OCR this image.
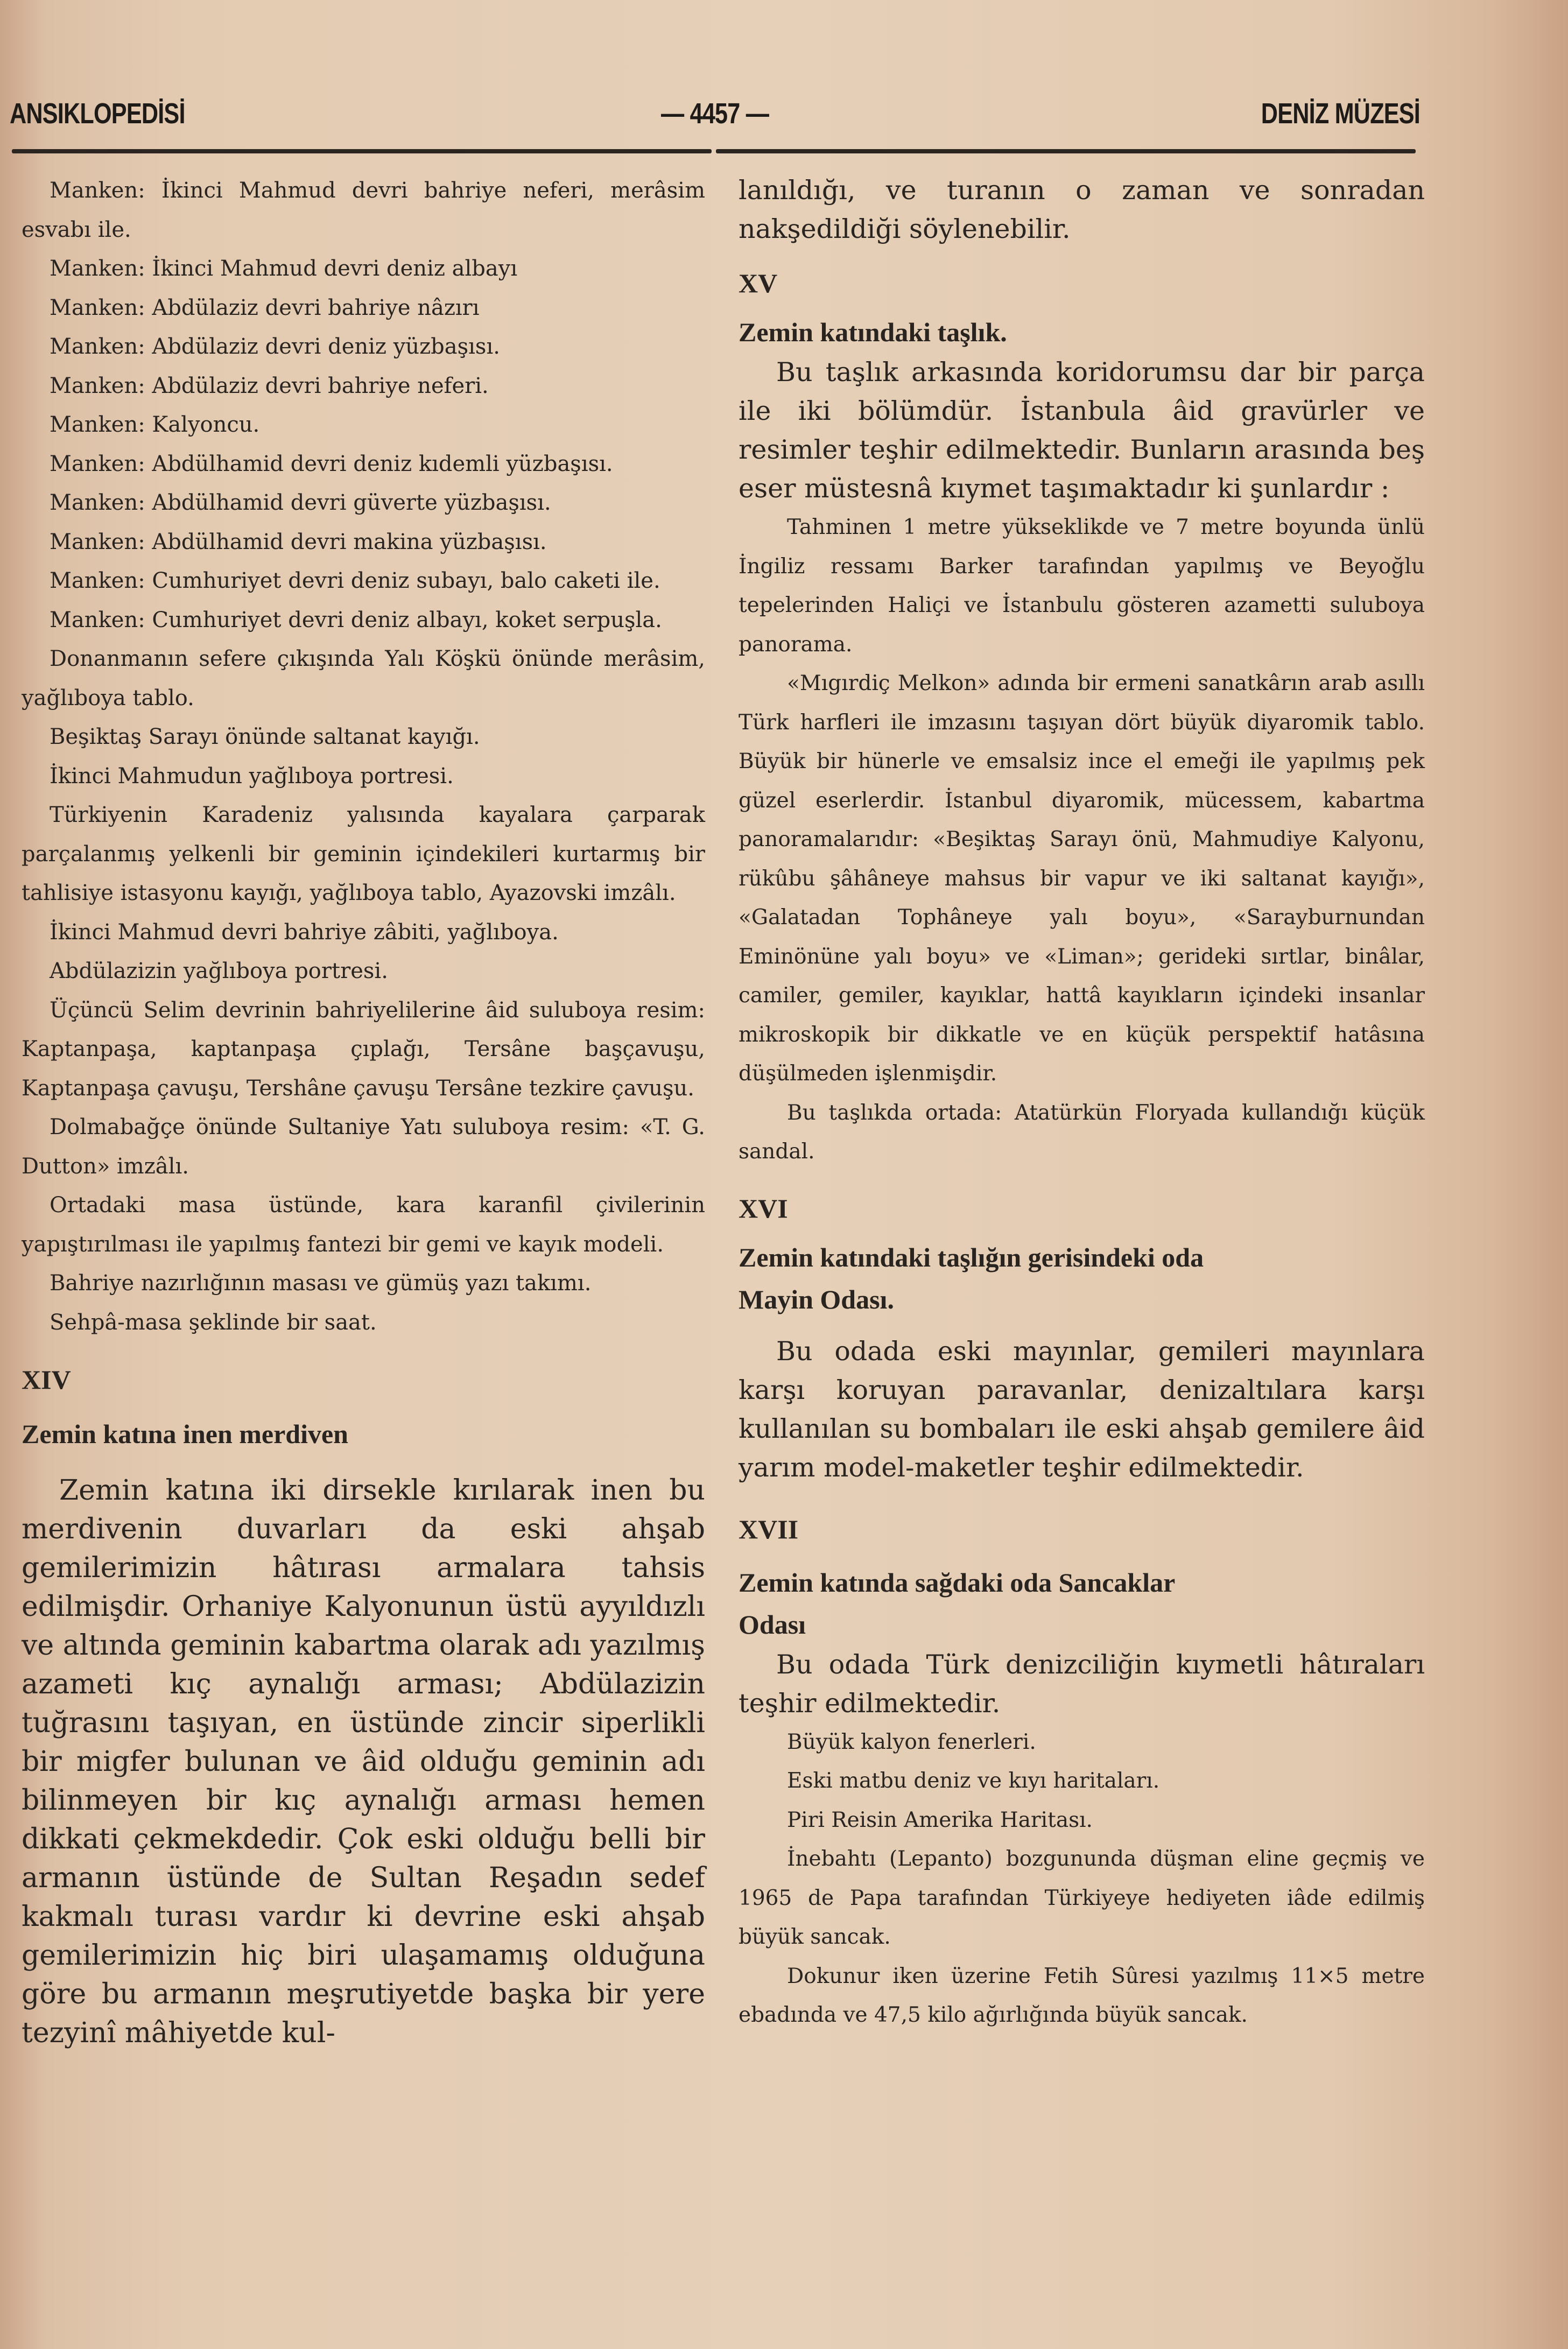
ANSIKLOPEDİSİ	— 4457 —	DENİZ MÜZESİ

Manken: İkinci Mahmud devri bahriye neferi, merâsim esvabı ile.

Manken: İkinci Mahmud devri deniz albayı

Manken: Abdülaziz devri bahriye nâzırı

Manken: Abdülaziz devri deniz yüzbaşısı.

Manken: Abdülaziz devri bahriye neferi.

Manken: Kalyoncu.

Manken: Abdülhamid devri deniz kıdemli yüzbaşısı.

Manken: Abdülhamid devri güverte yüzbaşısı.

Manken: Abdülhamid devri makina yüzbaşısı.

Manken: Cumhuriyet devri deniz subayı, balo caketi ile.

Manken: Cumhuriyet devri deniz albayı, koket serpuşla.

Donanmanın sefere çıkışında Yalı Köşkü önünde merâsim, yağlıboya tablo.

Beşiktaş Sarayı önünde saltanat kayığı.

İkinci Mahmudun yağlıboya portresi.

Türkiyenin Karadeniz yalısında kayalara çarparak parçalanmış yelkenli bir geminin içindekileri kurtarmış bir tahlisiye istasyonu kayığı, yağlıboya tablo, Ayazovski imzâlı.

İkinci Mahmud devri bahriye zâbiti, yağlıboya.

Abdülazizin yağlıboya portresi.

Üçüncü Selim devrinin bahriyelilerine âid suluboya resim: Kaptanpaşa, kaptanpaşa çıplağı, Tersâne başçavuşu, Kaptanpaşa çavuşu, Tershâne çavuşu Tersâne tezkire çavuşu.

Dolmabağçe önünde Sultaniye Yatı suluboya resim: «T. G. Dutton» imzâlı.

Ortadaki masa üstünde, kara karanfil çivilerinin yapıştırılması ile yapılmış fantezi bir gemi ve kayık modeli.

Bahriye nazırlığının masası ve gümüş yazı takımı.

Sehpâ-masa şeklinde bir saat.

XIV

Zemin katına inen merdiven

Zemin katına iki dirsekle kırılarak inen bu merdivenin duvarları da eski ahşab gemilerimizin hâtırası armalara tahsis edilmişdir. Orhaniye Kalyonunun üstü ayyıldızlı ve altında geminin kabartma olarak adı yazılmış azameti kıç aynalığı arması; Abdülazizin tuğrasını taşıyan, en üstünde zincir siperlikli bir migfer bulunan ve âid olduğu geminin adı bilinmeyen bir kıç aynalığı arması hemen dikkati çekmekdedir. Çok eski olduğu belli bir armanın üstünde de Sultan Reşadın sedef kakmalı turası vardır ki devrine eski ahşab gemilerimizin hiç biri ulaşamamış olduğuna göre bu armanın meşrutiyetde başka bir yere tezyinî mâhiyetde kul-

lanıldığı, ve turanın o zaman ve sonradan nakşedildiği söylenebilir.

XV

Zemin katındaki taşlık.

Bu taşlık arkasında koridorumsu dar bir parça ile iki bölümdür. İstanbula âid gravürler ve resimler teşhir edilmektedir. Bunların arasında beş eser müstesnâ kıymet taşımaktadır ki şunlardır :

Tahminen 1 metre yükseklikde ve 7 metre boyunda ünlü İngiliz ressamı Barker tarafından yapılmış ve Beyoğlu tepelerinden Haliçi ve İstanbulu gösteren azametti suluboya panorama.

«Mıgırdiç Melkon» adında bir ermeni sanatkârın arab asıllı Türk harfleri ile imzasını taşıyan dört büyük diyaromik tablo. Büyük bir hünerle ve emsalsiz ince el emeği ile yapılmış pek güzel eserlerdir. İstanbul diyaromik, mücessem, kabartma panoramalarıdır: «Beşiktaş Sarayı önü, Mahmudiye Kalyonu, rükûbu şâhâneye mahsus bir vapur ve iki saltanat kayığı», «Galatadan Tophâneye yalı boyu», «Sarayburnundan Eminönüne yalı boyu» ve «Liman»; gerideki sırtlar, binâlar, camiler, gemiler, kayıklar, hattâ kayıkların içindeki insanlar mikroskopik bir dikkatle ve en küçük perspektif hatâsına düşülmeden işlenmişdir.

Bu taşlıkda ortada: Atatürkün Floryada kullandığı küçük sandal.

XVI

Zemin katındaki taşlığın gerisindeki oda

Mayin Odası.

Bu odada eski mayınlar, gemileri mayınlara karşı koruyan paravanlar, denizaltılara karşı kullanılan su bombaları ile eski ahşab gemilere âid yarım model-maketler teşhir edilmektedir.

XVII

Zemin katında sağdaki oda Sancaklar

Odası

Bu odada Türk denizciliğin kıymetli hâtıraları teşhir edilmektedir.

Büyük kalyon fenerleri.

Eski matbu deniz ve kıyı haritaları.

Piri Reisin Amerika Haritası.

İnebahtı (Lepanto) bozgununda düşman eline geçmiş ve 1965 de Papa tarafından Türkiyeye hediyeten iâde edilmiş büyük sancak.

Dokunur iken üzerine Fetih Sûresi yazılmış 11×5 metre ebadında ve 47,5 kilo ağırlığında büyük sancak.
